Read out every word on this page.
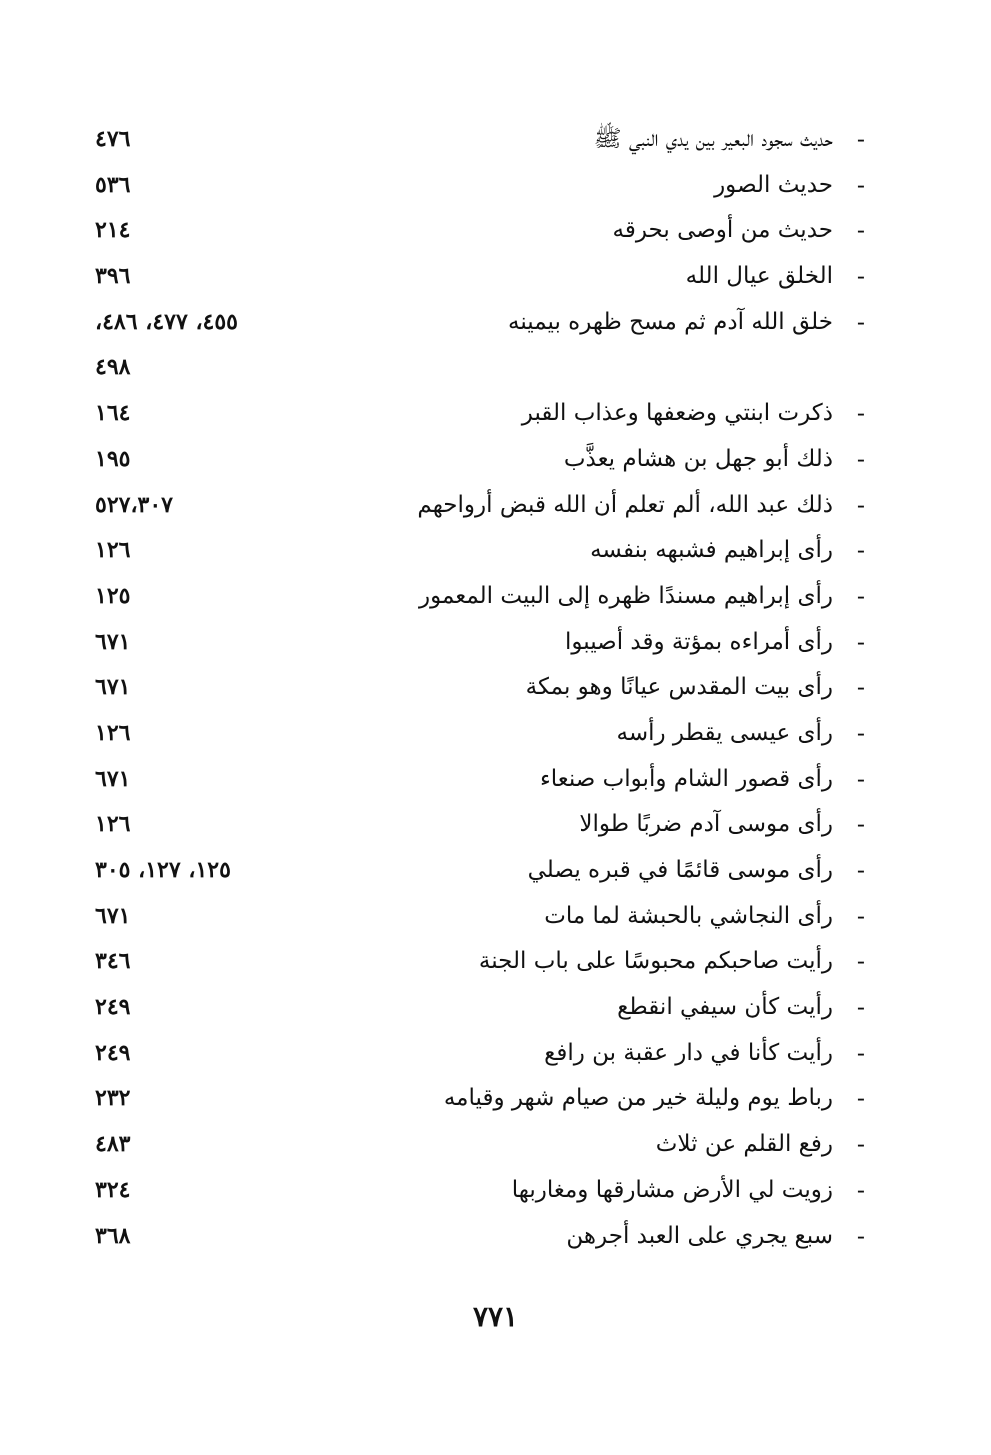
-
حديث سجود البعير بين يدي النبي ﷺ
٤٧٦
-
حديث الصور
٥٣٦
-
حديث من أوصى بحرقه
٢١٤
-
الخلق عيال الله
٣٩٦
-
خلق الله آدم ثم مسح ظهره بيمينه
٤٥٥، ٤٧٧، ٤٨٦،
٤٩٨
-
ذكرت ابنتي وضعفها وعذاب القبر
١٦٤
-
ذلك أبو جهل بن هشام يعذَّب
١٩٥
-
ذلك عبد الله، ألم تعلم أن الله قبض أرواحهم
٥٢٧،٣٠٧
-
رأى إبراهيم فشبهه بنفسه
١٢٦
-
رأى إبراهيم مسندًا ظهره إلى البيت المعمور
١٢٥
-
رأى أمراءه بمؤتة وقد أصيبوا
٦٧١
-
رأى بيت المقدس عيانًا وهو بمكة
٦٧١
-
رأى عيسى يقطر رأسه
١٢٦
-
رأى قصور الشام وأبواب صنعاء
٦٧١
-
رأى موسى آدم ضربًا طوالا
١٢٦
-
رأى موسى قائمًا في قبره يصلي
١٢٥، ١٢٧، ٣٠٥
-
رأى النجاشي بالحبشة لما مات
٦٧١
-
رأيت صاحبكم محبوسًا على باب الجنة
٣٤٦
-
رأيت كأن سيفي انقطع
٢٤٩
-
رأيت كأنا في دار عقبة بن رافع
٢٤٩
-
رباط يوم وليلة خير من صيام شهر وقيامه
٢٣٢
-
رفع القلم عن ثلاث
٤٨٣
-
زويت لي الأرض مشارقها ومغاربها
٣٢٤
-
سبع يجري على العبد أجرهن
٣٦٨
٧٧١
